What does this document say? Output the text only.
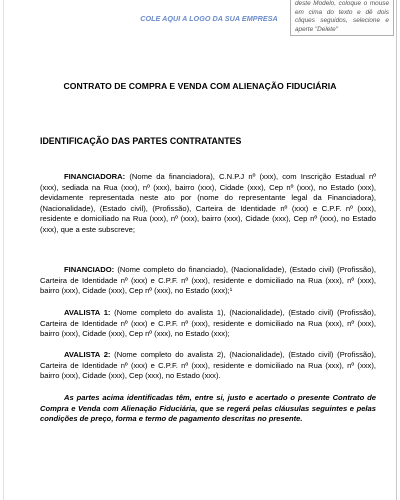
COLE AQUI A LOGO DA SUA EMPRESA
deste Modelo, coloque o mouse em cima do texto e dê dois cliques seguidos, selecione e aperte "Delete"
CONTRATO DE COMPRA E VENDA COM ALIENAÇÃO FIDUCIÁRIA
IDENTIFICAÇÃO DAS PARTES CONTRATANTES

FINANCIADORA: (Nome da financiadora), C.N.P.J nº (xxx), com Inscrição Estadual nº (xxx), sediada na Rua (xxx), nº (xxx), bairro (xxx), Cidade (xxx), Cep nº (xxx), no Estado (xxx), devidamente representada neste ato por (nome do representante legal da Financiadora), (Nacionalidade), (Estado civil), (Profissão), Carteira de Identidade nº (xxx) e C.P.F. nº (xxx), residente e domiciliado na Rua (xxx), nº (xxx), bairro (xxx), Cidade (xxx), Cep nº (xxx), no Estado (xxx), que a este subscreve;

FINANCIADO: (Nome completo do financiado), (Nacionalidade), (Estado civil) (Profissão), Carteira de Identidade nº (xxx) e C.P.F. nº (xxx), residente e domiciliado na Rua (xxx), nº (xxx), bairro (xxx), Cidade (xxx), Cep nº (xxx), no Estado (xxx);¹

AVALISTA 1: (Nome completo do avalista 1), (Nacionalidade), (Estado civil) (Profissão), Carteira de Identidade nº (xxx) e C.P.F. nº (xxx), residente e domiciliado na Rua (xxx), nº (xxx), bairro (xxx), Cidade (xxx), Cep nº (xxx), no Estado (xxx);

AVALISTA 2: (Nome completo do avalista 2), (Nacionalidade), (Estado civil) (Profissão), Carteira de Identidade nº (xxx) e C.P.F. nº (xxx), residente e domiciliado na Rua (xxx), nº (xxx), bairro (xxx), Cidade (xxx), Cep (xxx), no Estado (xxx).

As partes acima identificadas têm, entre si, justo e acertado o presente Contrato de Compra e Venda com Alienação Fiduciária, que se regerá pelas cláusulas seguintes e pelas condições de preço, forma e termo de pagamento descritas no presente.
